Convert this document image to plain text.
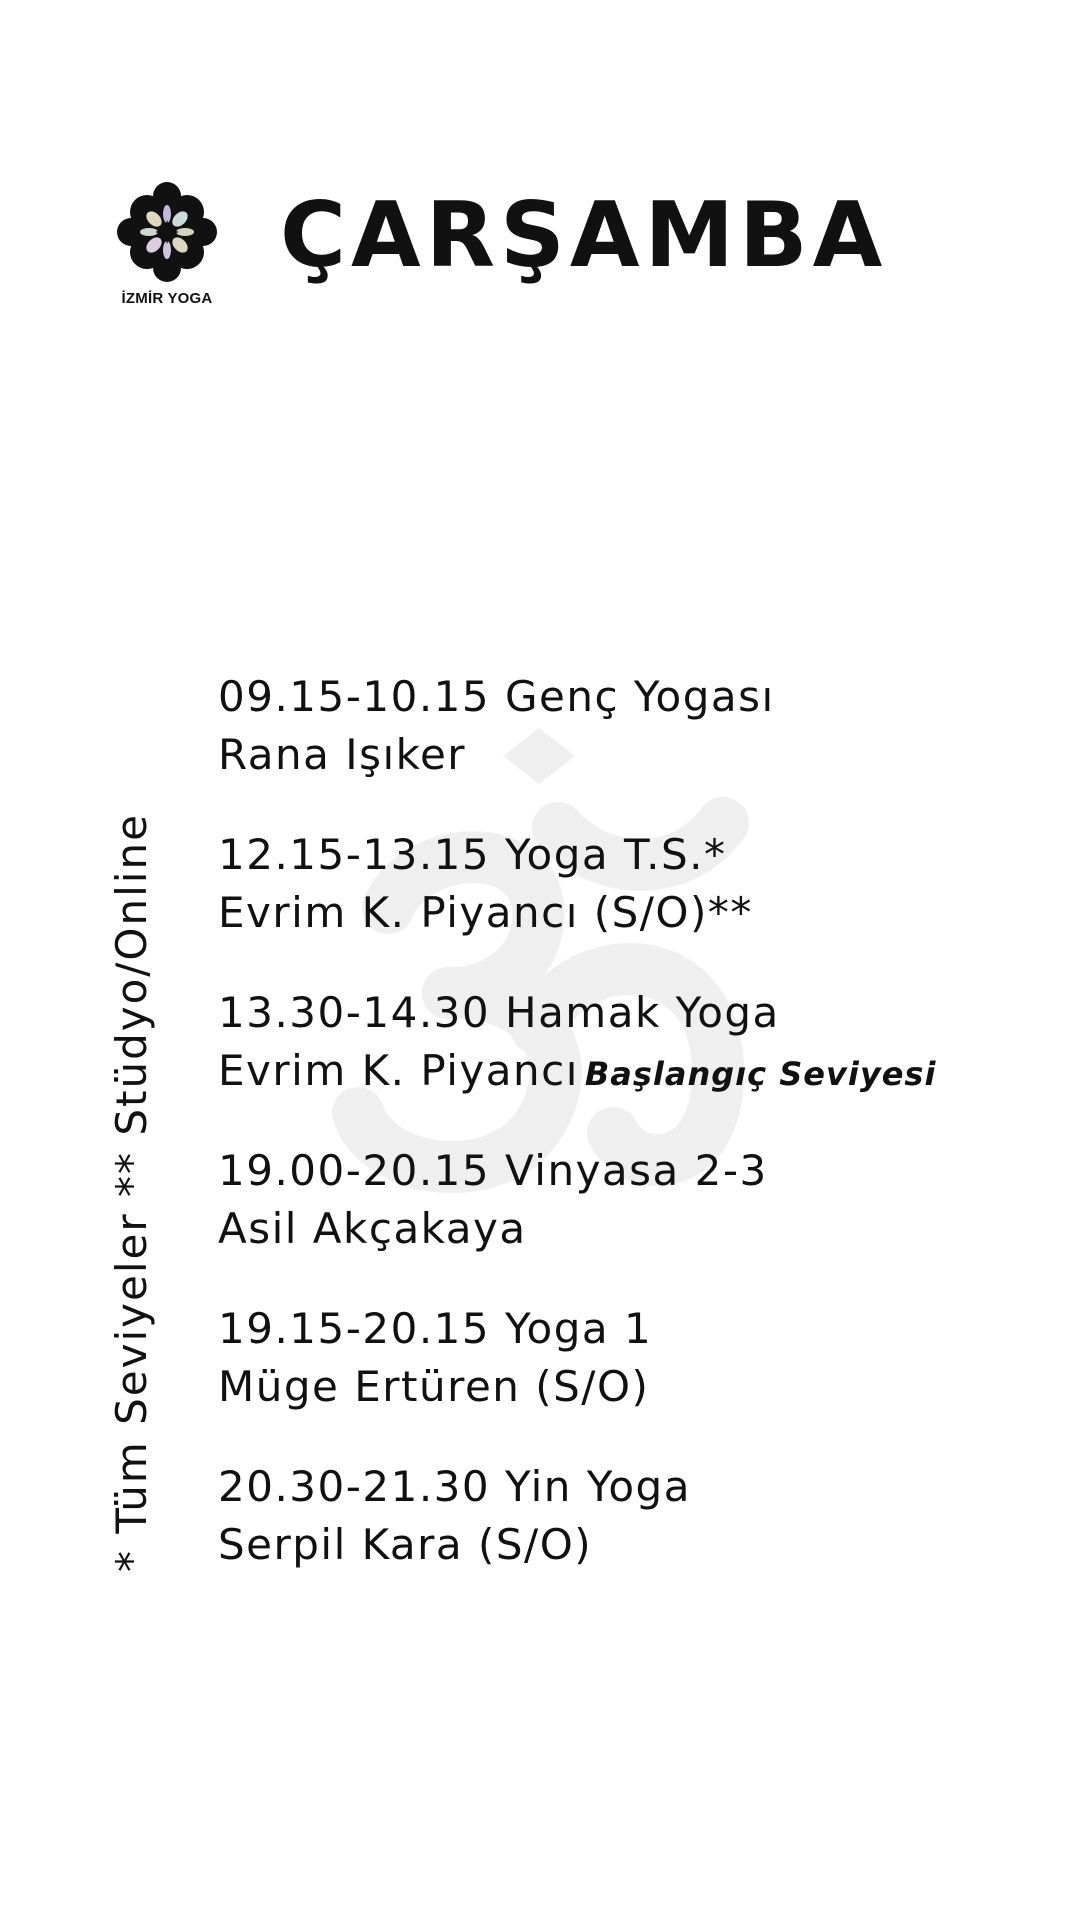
İZMİR YOGA
ÇARŞAMBA
* Tüm Seviyeler ** Stüdyo/Online
09.15-10.15 Genç Yogası
Rana Işıker
12.15-13.15 Yoga T.S.*
Evrim K. Piyancı (S/O)**
13.30-14.30 Hamak Yoga
Evrim K. Piyancı Başlangıç Seviyesi
19.00-20.15 Vinyasa 2-3
Asil Akçakaya
19.15-20.15 Yoga 1
Müge Ertüren (S/O)
20.30-21.30 Yin Yoga
Serpil Kara (S/O)
